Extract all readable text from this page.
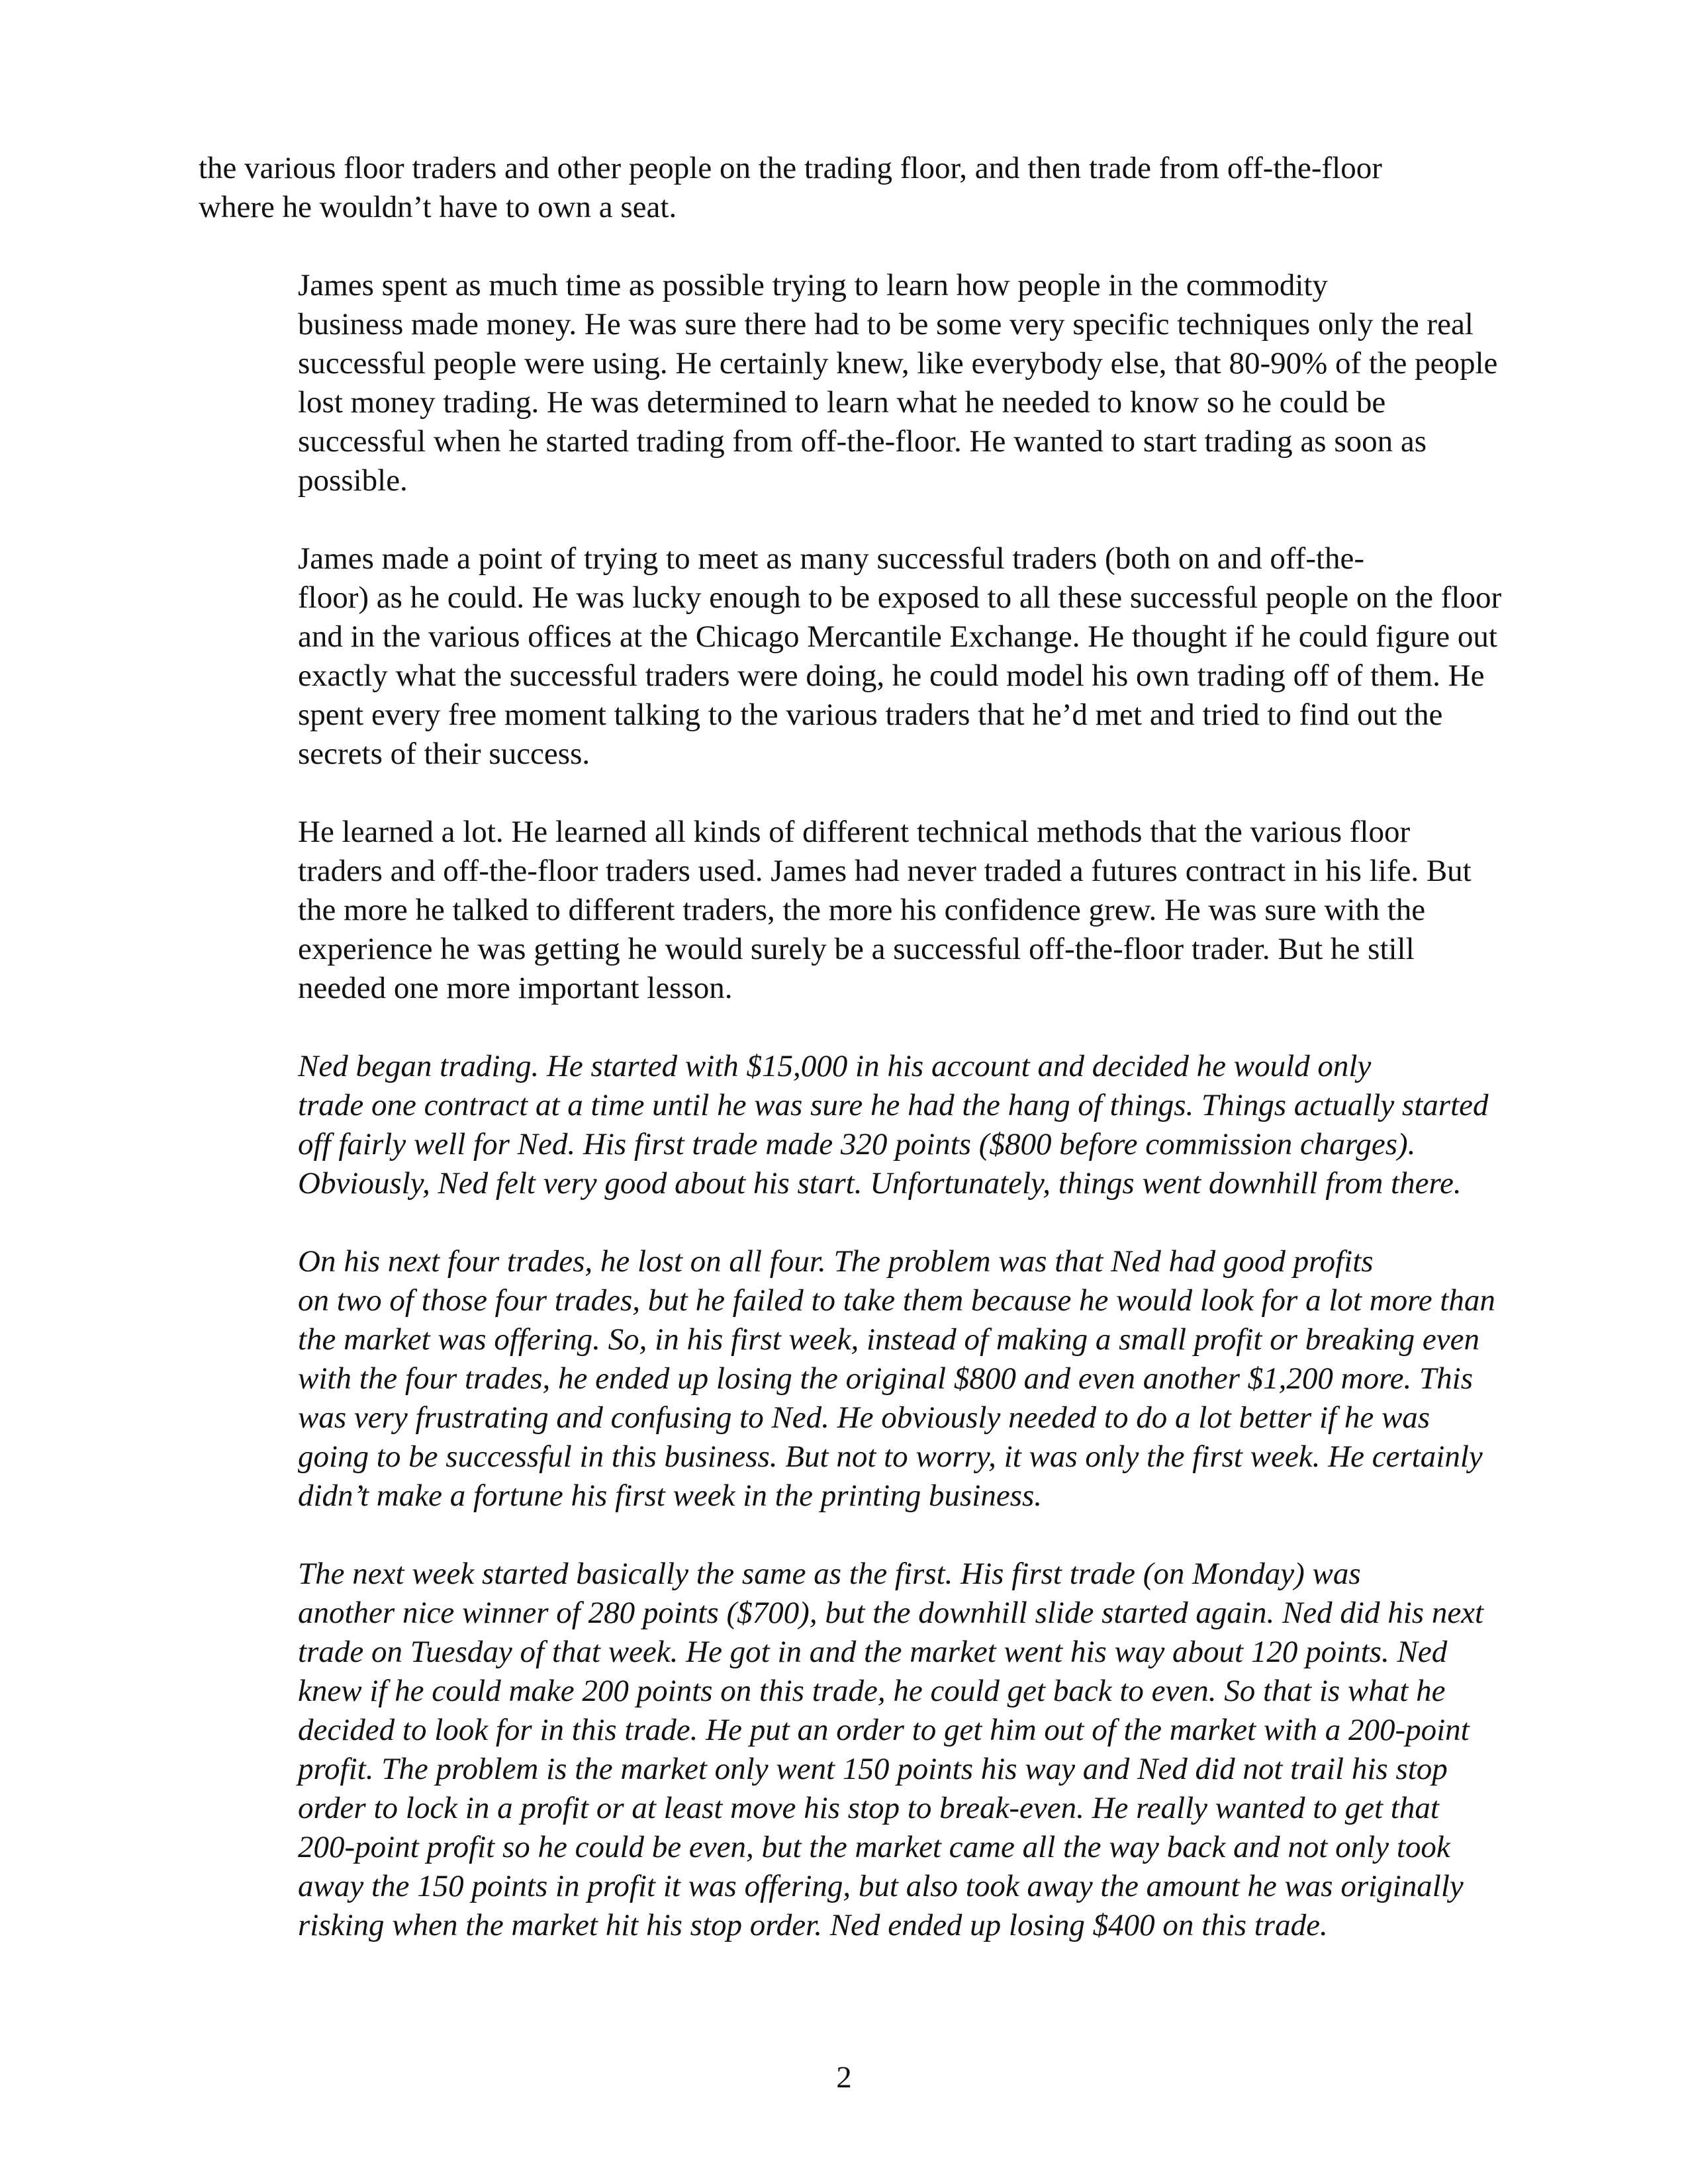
the various floor traders and other people on the trading floor, and then trade from off-the-floor
where he wouldn’t have to own a seat.

James spent as much time as possible trying to learn how people in the commodity
business made money. He was sure there had to be some very specific techniques only the real
successful people were using. He certainly knew, like everybody else, that 80-90% of the people
lost money trading. He was determined to learn what he needed to know so he could be
successful when he started trading from off-the-floor. He wanted to start trading as soon as
possible.

James made a point of trying to meet as many successful traders (both on and off-the-
floor) as he could. He was lucky enough to be exposed to all these successful people on the floor
and in the various offices at the Chicago Mercantile Exchange. He thought if he could figure out
exactly what the successful traders were doing, he could model his own trading off of them. He
spent every free moment talking to the various traders that he’d met and tried to find out the
secrets of their success.

He learned a lot. He learned all kinds of different technical methods that the various floor
traders and off-the-floor traders used. James had never traded a futures contract in his life. But
the more he talked to different traders, the more his confidence grew. He was sure with the
experience he was getting he would surely be a successful off-the-floor trader. But he still
needed one more important lesson.

Ned began trading. He started with $15,000 in his account and decided he would only
trade one contract at a time until he was sure he had the hang of things. Things actually started
off fairly well for Ned. His first trade made 320 points ($800 before commission charges).
Obviously, Ned felt very good about his start. Unfortunately, things went downhill from there.

On his next four trades, he lost on all four. The problem was that Ned had good profits
on two of those four trades, but he failed to take them because he would look for a lot more than
the market was offering. So, in his first week, instead of making a small profit or breaking even
with the four trades, he ended up losing the original $800 and even another $1,200 more. This
was very frustrating and confusing to Ned. He obviously needed to do a lot better if he was
going to be successful in this business. But not to worry, it was only the first week. He certainly
didn’t make a fortune his first week in the printing business.

The next week started basically the same as the first. His first trade (on Monday) was
another nice winner of 280 points ($700), but the downhill slide started again. Ned did his next
trade on Tuesday of that week. He got in and the market went his way about 120 points. Ned
knew if he could make 200 points on this trade, he could get back to even. So that is what he
decided to look for in this trade. He put an order to get him out of the market with a 200-point
profit. The problem is the market only went 150 points his way and Ned did not trail his stop
order to lock in a profit or at least move his stop to break-even. He really wanted to get that
200-point profit so he could be even, but the market came all the way back and not only took
away the 150 points in profit it was offering, but also took away the amount he was originally
risking when the market hit his stop order. Ned ended up losing $400 on this trade.

2
